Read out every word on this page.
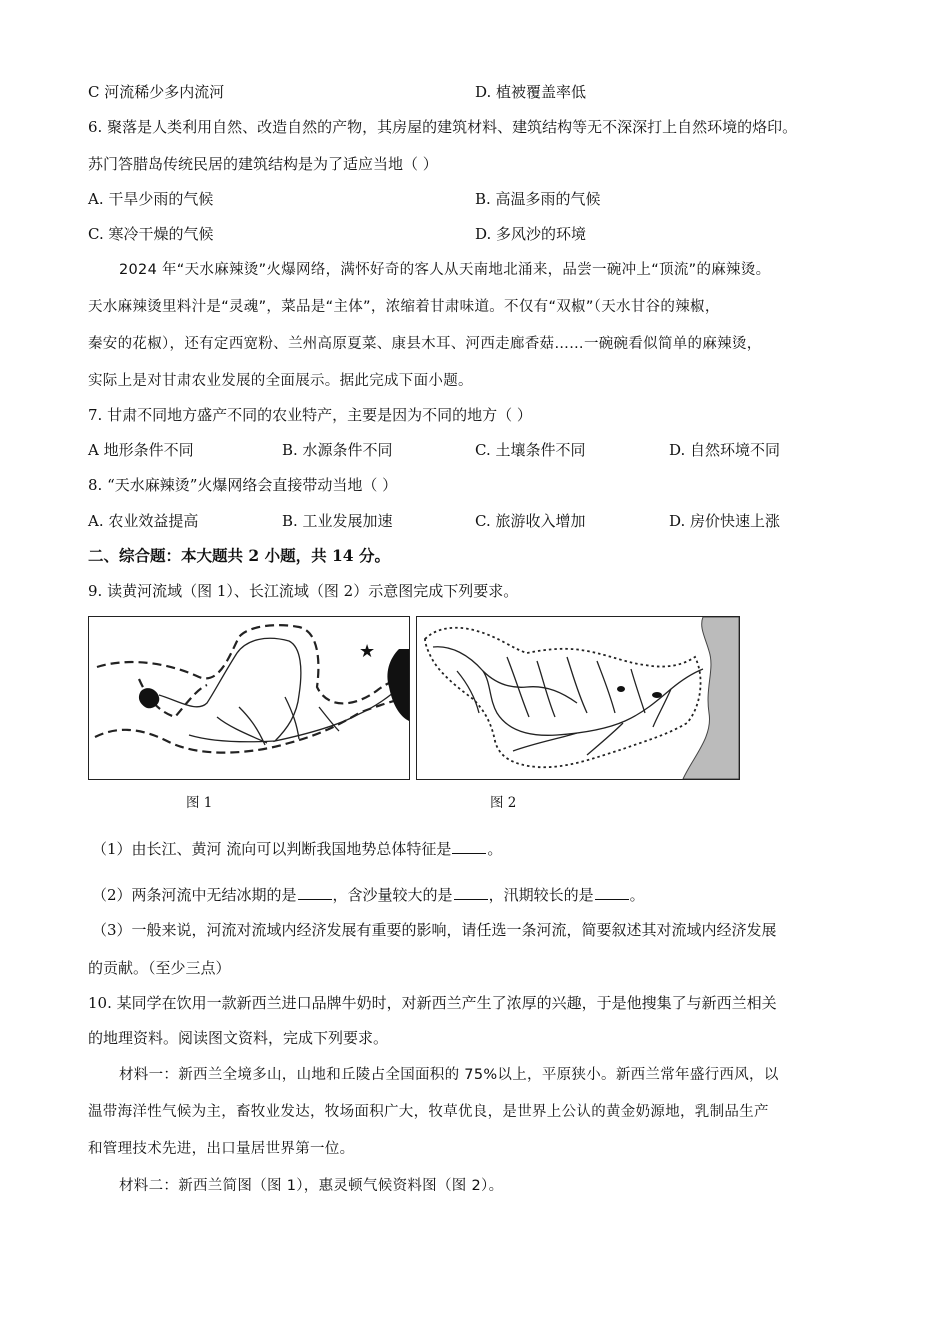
C 河流稀少多内流河	D. 植被覆盖率低
6. 聚落是人类利用自然、改造自然的产物，其房屋的建筑材料、建筑结构等无不深深打上自然环境的烙印。
苏门答腊岛传统民居的建筑结构是为了适应当地（ ）
A. 干旱少雨的气候	B. 高温多雨的气候
C. 寒冷干燥的气候	D. 多风沙的环境
2024 年“天水麻辣烫”火爆网络，满怀好奇的客人从天南地北涌来，品尝一碗冲上“顶流”的麻辣烫。
天水麻辣烫里料汁是“灵魂”，菜品是“主体”，浓缩着甘肃味道。不仅有“双椒”（天水甘谷的辣椒，
秦安的花椒），还有定西宽粉、兰州高原夏菜、康县木耳、河西走廊香菇……一碗碗看似简单的麻辣烫，
实际上是对甘肃农业发展的全面展示。据此完成下面小题。
7. 甘肃不同地方盛产不同的农业特产，主要是因为不同的地方（ ）
A 地形条件不同	B. 水源条件不同	C. 土壤条件不同	D. 自然环境不同
8. “天水麻辣烫”火爆网络会直接带动当地（ ）
A. 农业效益提高	B. 工业发展加速	C. 旅游收入增加	D. 房价快速上涨
二、综合题：本大题共 2 小题，共 14 分。
9. 读黄河流域（图 1）、长江流域（图 2）示意图完成下列要求。
★
图 1	图 2
（1）由长江、黄河 流向可以判断我国地势总体特征是 。
（2）两条河流中无结冰期的是 ，含沙量较大的是 ，汛期较长的是 。
（3）一般来说，河流对流域内经济发展有重要的影响，请任选一条河流，简要叙述其对流域内经济发展
的贡献。（至少三点）
10. 某同学在饮用一款新西兰进口品牌牛奶时，对新西兰产生了浓厚的兴趣，于是他搜集了与新西兰相关
的地理资料。阅读图文资料，完成下列要求。
材料一：新西兰全境多山，山地和丘陵占全国面积的 75%以上，平原狭小。新西兰常年盛行西风，以
温带海洋性气候为主，畜牧业发达，牧场面积广大，牧草优良，是世界上公认的黄金奶源地，乳制品生产
和管理技术先进，出口量居世界第一位。
材料二：新西兰简图（图 1），惠灵顿气候资料图（图 2）。
